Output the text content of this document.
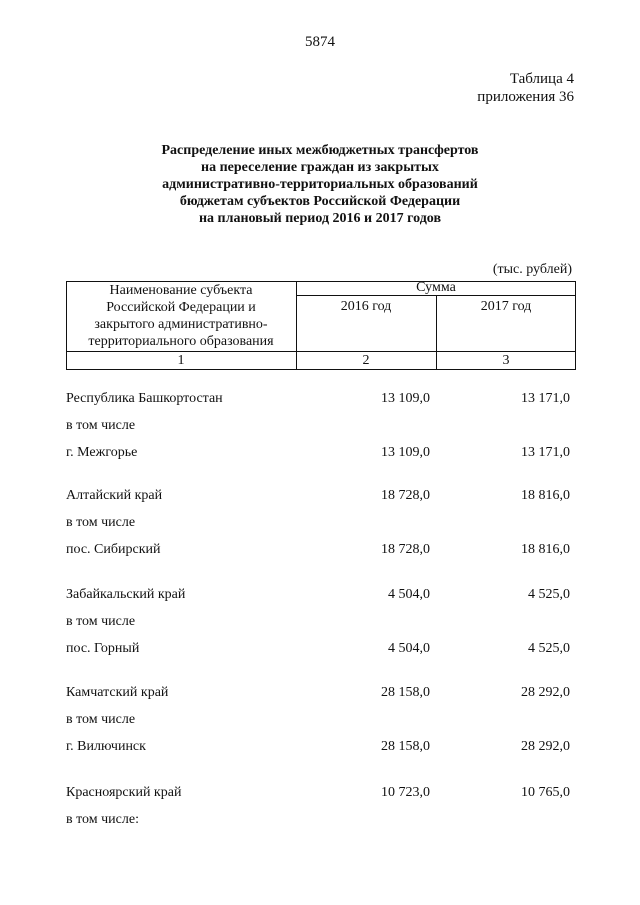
5874
Таблица 4
приложения 36
Распределение иных межбюджетных трансфертов
на переселение граждан из закрытых
административно-территориальных образований
бюджетам субъектов Российской Федерации
на плановый период 2016 и 2017 годов
(тыс. рублей)
Наименование субъекта
Российской Федерации и
закрытого административно-
территориального образования
Сумма
2016 год	2017 год
1	2	3
Республика Башкортостан	13 109,0	13 171,0
в том числе
г. Межгорье	13 109,0	13 171,0
Алтайский край	18 728,0	18 816,0
в том числе
пос. Сибирский	18 728,0	18 816,0
Забайкальский край	4 504,0	4 525,0
в том числе
пос. Горный	4 504,0	4 525,0
Камчатский край	28 158,0	28 292,0
в том числе
г. Вилючинск	28 158,0	28 292,0
Красноярский край	10 723,0	10 765,0
в том числе:
